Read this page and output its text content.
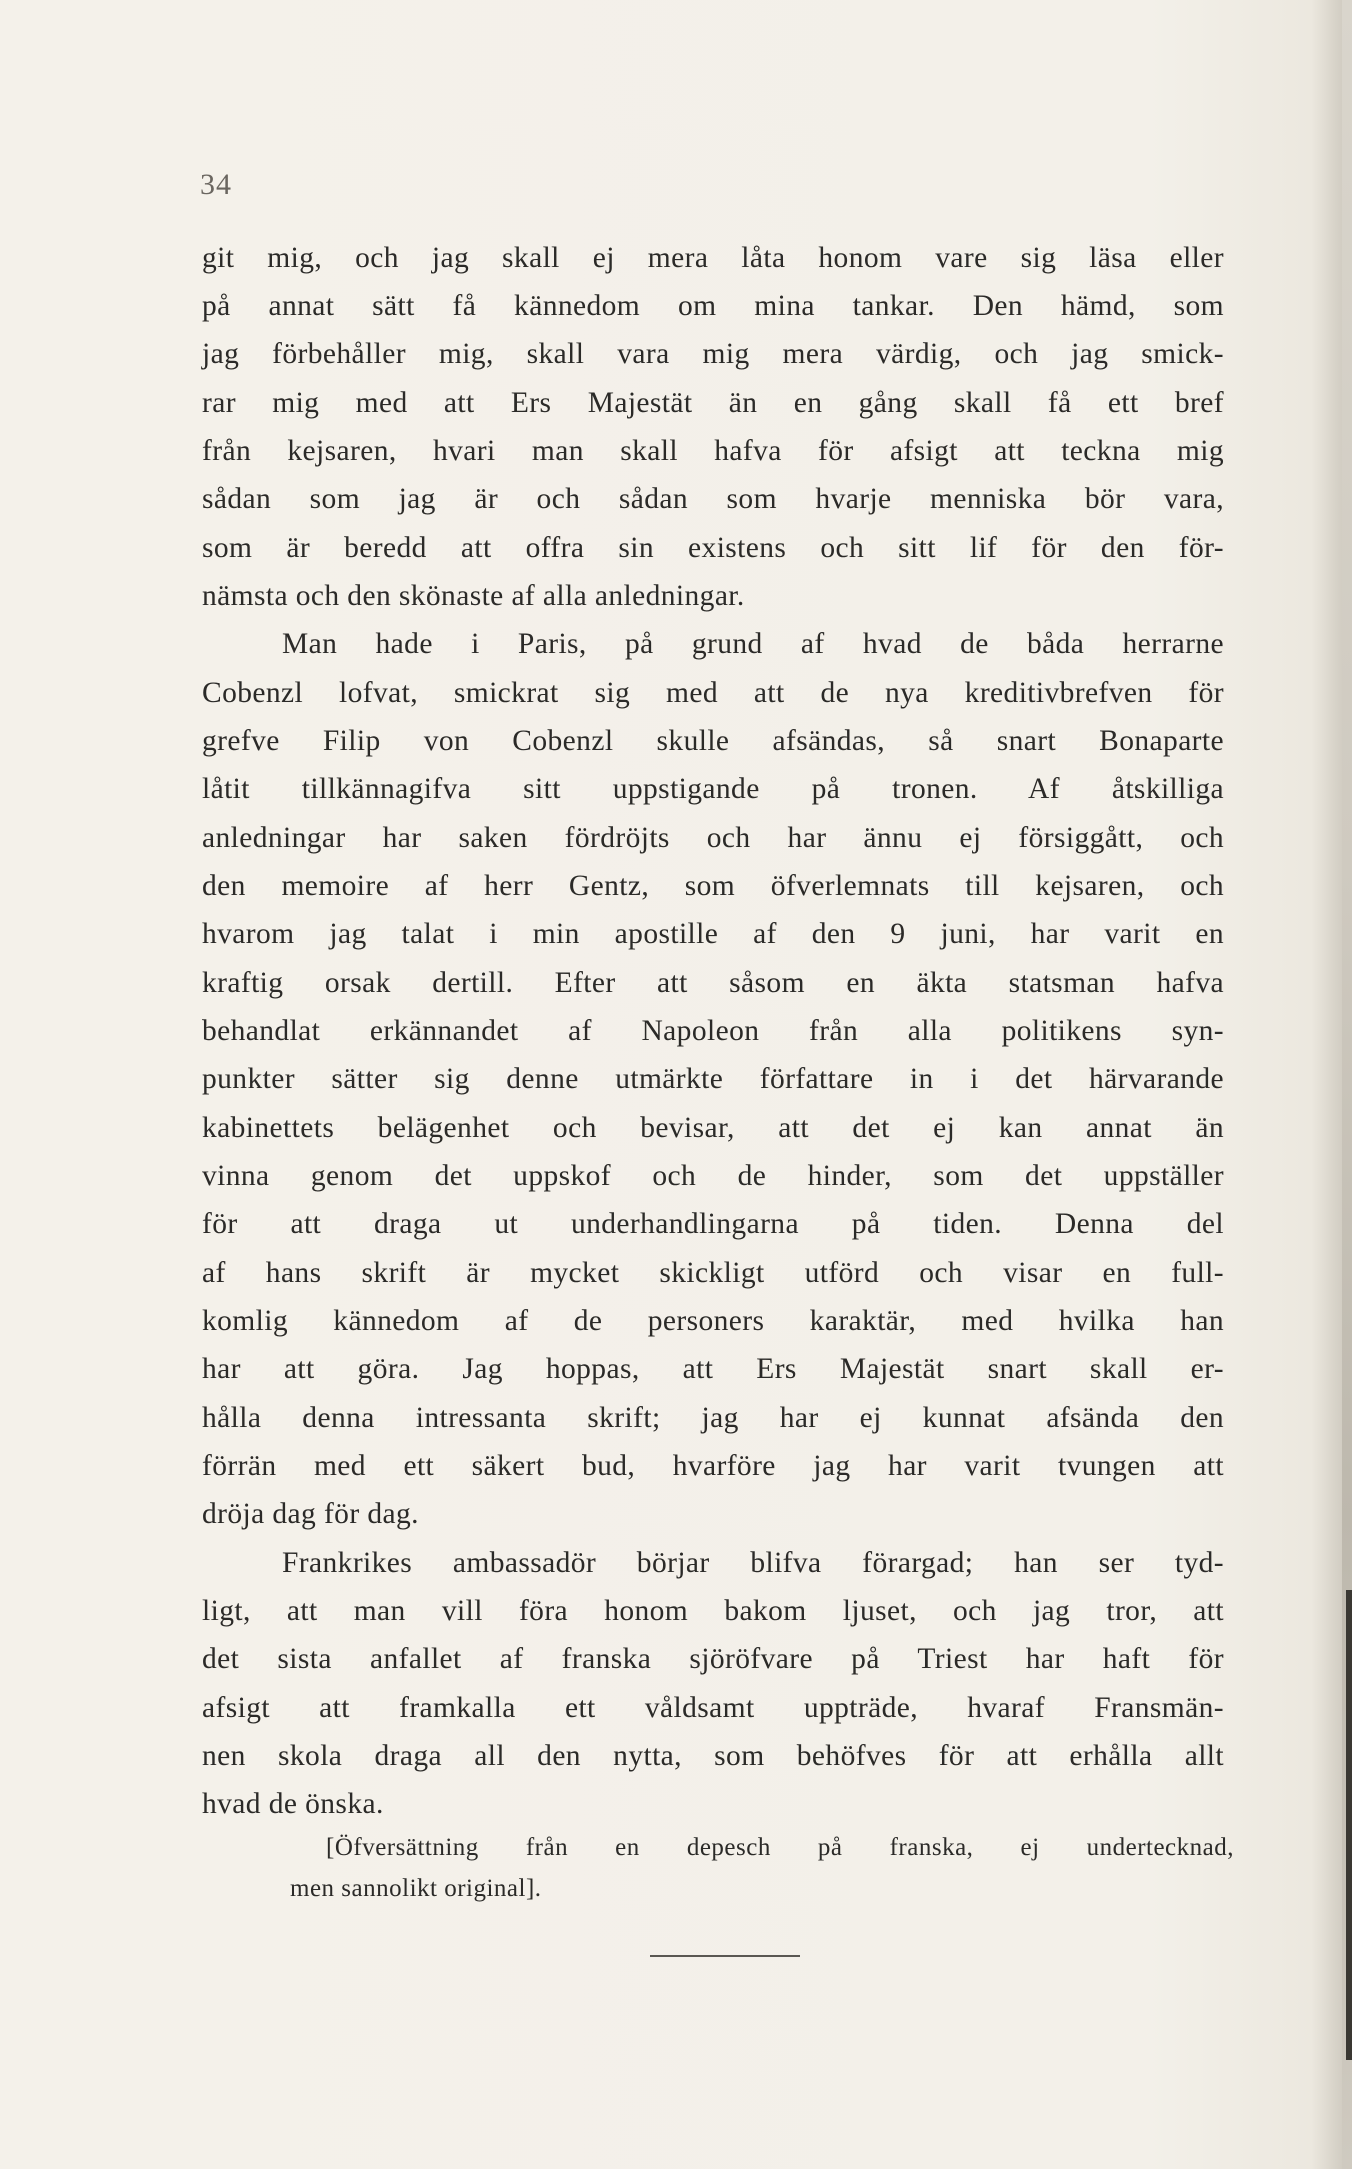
34
git mig, och jag skall ej mera låta honom vare sig läsa eller
på annat sätt få kännedom om mina tankar. Den hämd, som
jag förbehåller mig, skall vara mig mera värdig, och jag smick-
rar mig med att Ers Majestät än en gång skall få ett bref
från kejsaren, hvari man skall hafva för afsigt att teckna mig
sådan som jag är och sådan som hvarje menniska bör vara,
som är beredd att offra sin existens och sitt lif för den för-
nämsta och den skönaste af alla anledningar.
Man hade i Paris, på grund af hvad de båda herrarne
Cobenzl lofvat, smickrat sig med att de nya kreditivbrefven för
grefve Filip von Cobenzl skulle afsändas, så snart Bonaparte
låtit tillkännagifva sitt uppstigande på tronen. Af åtskilliga
anledningar har saken fördröjts och har ännu ej försiggått, och
den memoire af herr Gentz, som öfverlemnats till kejsaren, och
hvarom jag talat i min apostille af den 9 juni, har varit en
kraftig orsak dertill. Efter att såsom en äkta statsman hafva
behandlat erkännandet af Napoleon från alla politikens syn-
punkter sätter sig denne utmärkte författare in i det härvarande
kabinettets belägenhet och bevisar, att det ej kan annat än
vinna genom det uppskof och de hinder, som det uppställer
för att draga ut underhandlingarna på tiden. Denna del
af hans skrift är mycket skickligt utförd och visar en full-
komlig kännedom af de personers karaktär, med hvilka han
har att göra. Jag hoppas, att Ers Majestät snart skall er-
hålla denna intressanta skrift; jag har ej kunnat afsända den
förrän med ett säkert bud, hvarföre jag har varit tvungen att
dröja dag för dag.
Frankrikes ambassadör börjar blifva förargad; han ser tyd-
ligt, att man vill föra honom bakom ljuset, och jag tror, att
det sista anfallet af franska sjöröfvare på Triest har haft för
afsigt att framkalla ett våldsamt uppträde, hvaraf Fransmän-
nen skola draga all den nytta, som behöfves för att erhålla allt
hvad de önska.
[Öfversättning från en depesch på franska, ej undertecknad,
men sannolikt original].
